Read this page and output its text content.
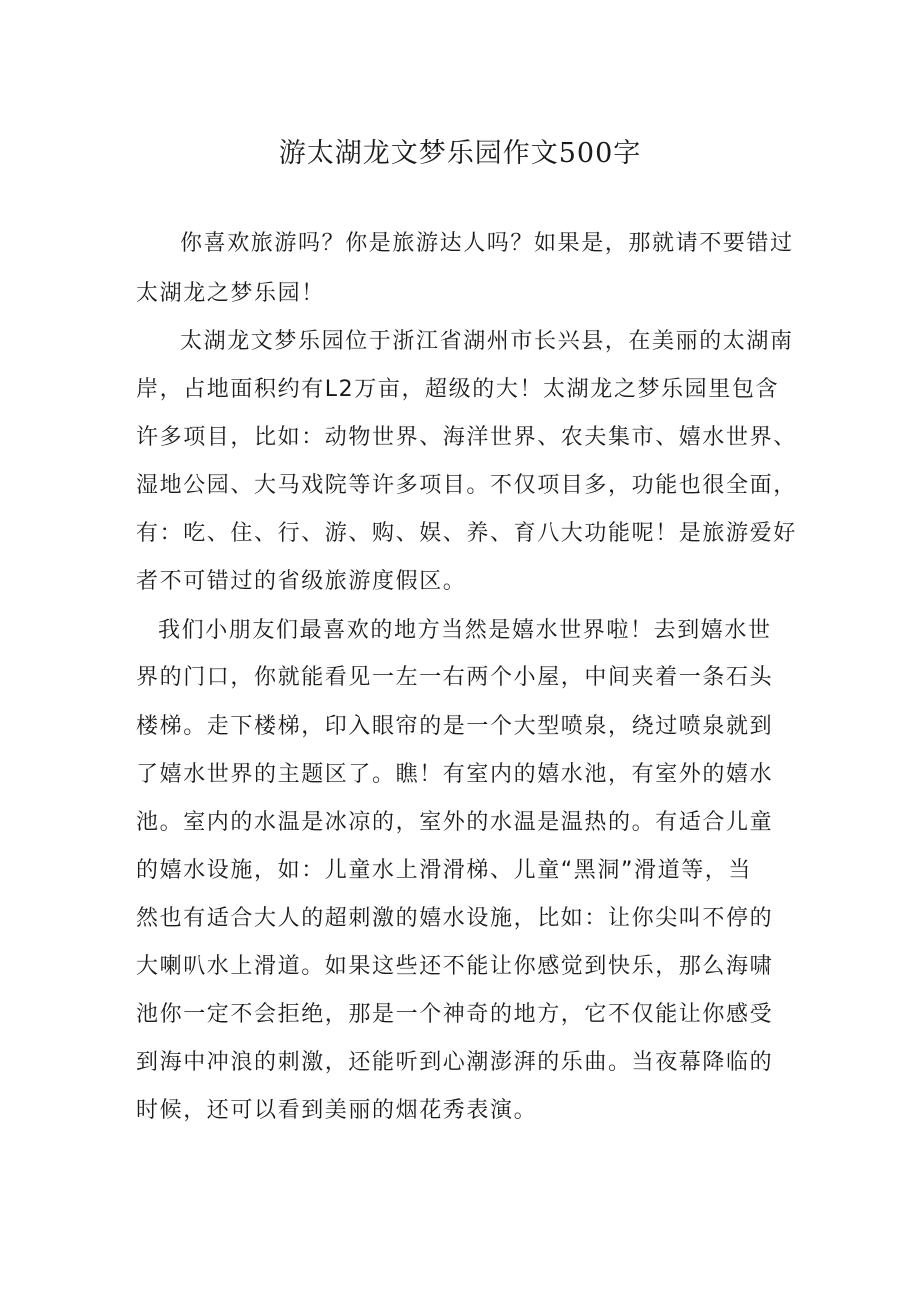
游太湖龙文梦乐园作文500字

你喜欢旅游吗？你是旅游达人吗？如果是，那就请不要错过

太湖龙之梦乐园！

太湖龙文梦乐园位于浙江省湖州市长兴县，在美丽的太湖南

岸，占地面积约有L2万亩，超级的大！太湖龙之梦乐园里包含

许多项目，比如：动物世界、海洋世界、农夫集市、嬉水世界、

湿地公园、大马戏院等许多项目。不仅项目多，功能也很全面，

有：吃、住、行、游、购、娱、养、育八大功能呢！是旅游爱好

者不可错过的省级旅游度假区。

我们小朋友们最喜欢的地方当然是嬉水世界啦！去到嬉水世

界的门口，你就能看见一左一右两个小屋，中间夹着一条石头

楼梯。走下楼梯，印入眼帘的是一个大型喷泉，绕过喷泉就到

了嬉水世界的主题区了。瞧！有室内的嬉水池，有室外的嬉水

池。室内的水温是冰凉的，室外的水温是温热的。有适合儿童

的嬉水设施，如：儿童水上滑滑梯、儿童“黑洞”滑道等，当

然也有适合大人的超刺激的嬉水设施，比如：让你尖叫不停的

大喇叭水上滑道。如果这些还不能让你感觉到快乐，那么海啸

池你一定不会拒绝，那是一个神奇的地方，它不仅能让你感受

到海中冲浪的刺激，还能听到心潮澎湃的乐曲。当夜幕降临的

时候，还可以看到美丽的烟花秀表演。
